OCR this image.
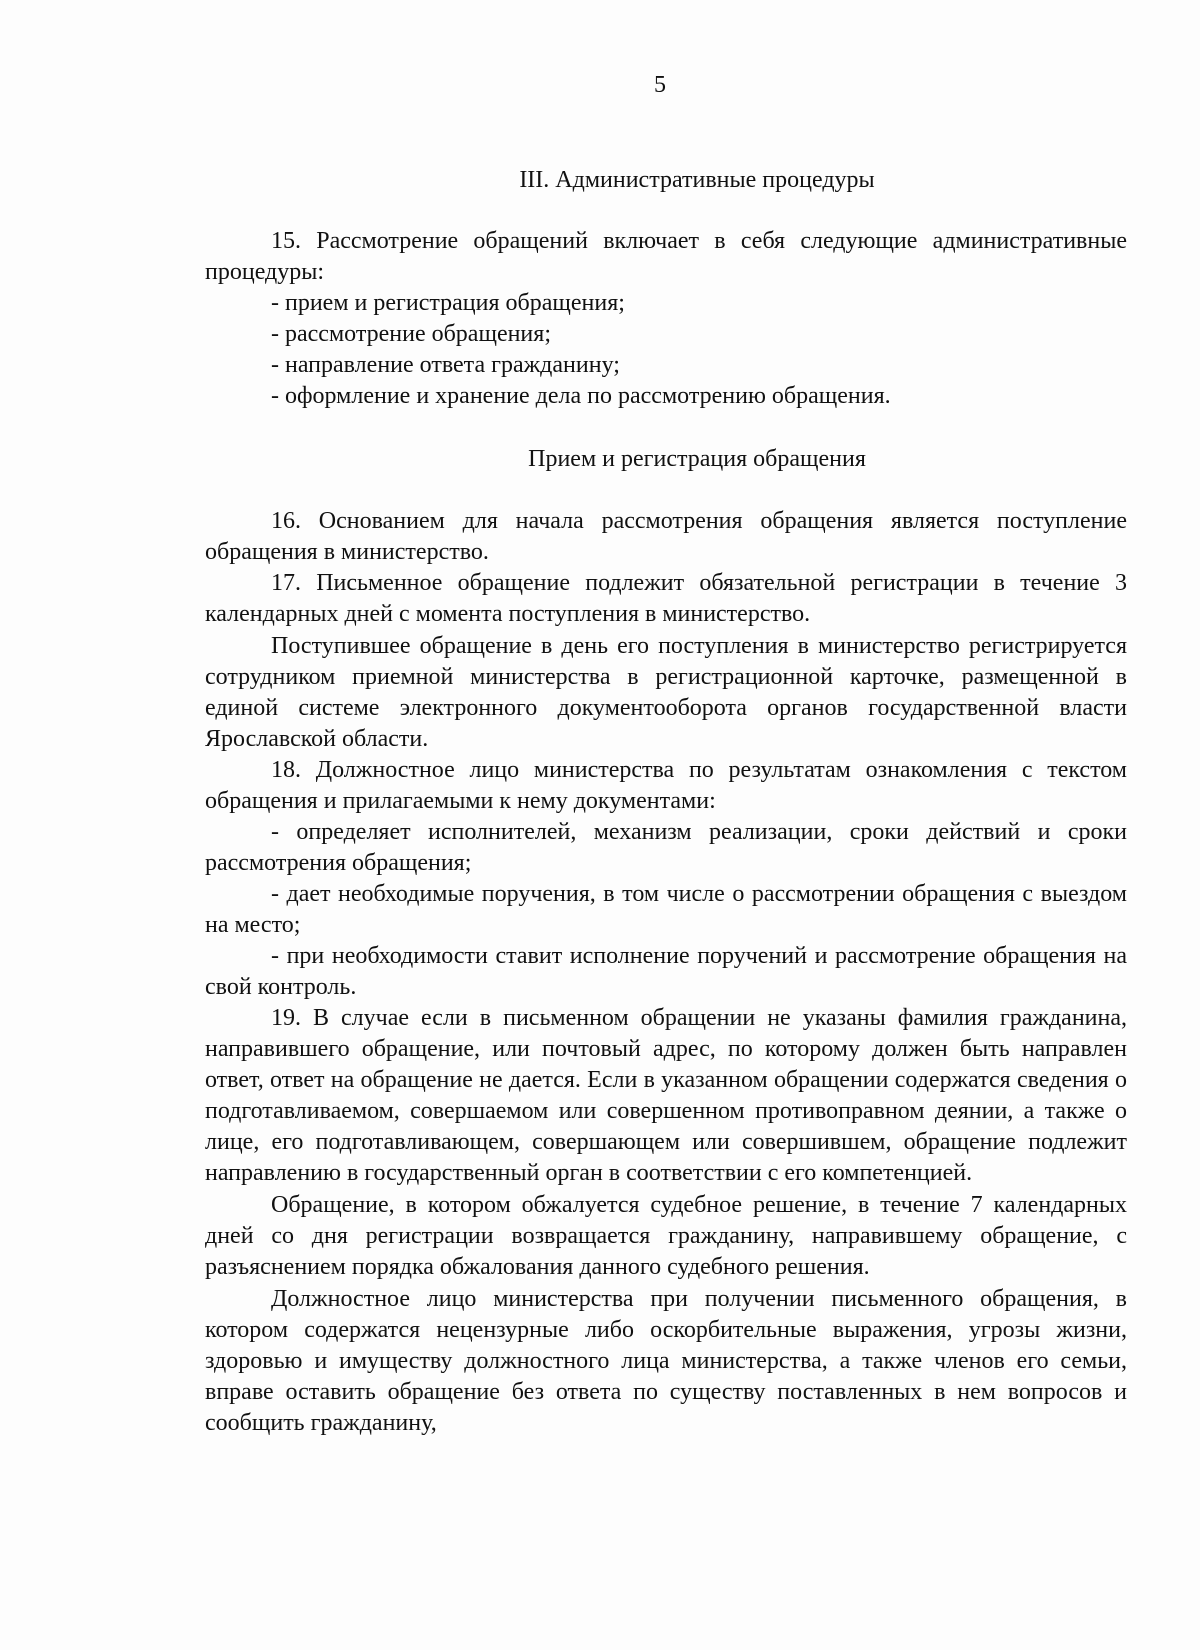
5
III. Административные процедуры

15. Рассмотрение обращений включает в себя следующие административные процедуры:

- прием и регистрация обращения;

- рассмотрение обращения;

- направление ответа гражданину;

- оформление и хранение дела по рассмотрению обращения.

Прием и регистрация обращения

16. Основанием для начала рассмотрения обращения является поступление обращения в министерство.

17. Письменное обращение подлежит обязательной регистрации в течение 3 календарных дней с момента поступления в министерство.

Поступившее обращение в день его поступления в министерство регистрируется сотрудником приемной министерства в регистрационной карточке, размещенной в единой системе электронного документооборота органов государственной власти Ярославской области.

18. Должностное лицо министерства по результатам ознакомления с текстом обращения и прилагаемыми к нему документами:

- определяет исполнителей, механизм реализации, сроки действий и сроки рассмотрения обращения;

- дает необходимые поручения, в том числе о рассмотрении обращения с выездом на место;

- при необходимости ставит исполнение поручений и рассмотрение обращения на свой контроль.

19. В случае если в письменном обращении не указаны фамилия гражданина, направившего обращение, или почтовый адрес, по которому должен быть направлен ответ, ответ на обращение не дается. Если в указанном обращении содержатся сведения о подготавливаемом, совершаемом или совершенном противоправном деянии, а также о лице, его подготавливающем, совершающем или совершившем, обращение подлежит направлению в государственный орган в соответствии с его компетенцией.

Обращение, в котором обжалуется судебное решение, в течение 7 календарных дней со дня регистрации возвращается гражданину, направившему обращение, с разъяснением порядка обжалования данного судебного решения.

Должностное лицо министерства при получении письменного обращения, в котором содержатся нецензурные либо оскорбительные выражения, угрозы жизни, здоровью и имуществу должностного лица министерства, а также членов его семьи, вправе оставить обращение без ответа по существу поставленных в нем вопросов и сообщить гражданину,
